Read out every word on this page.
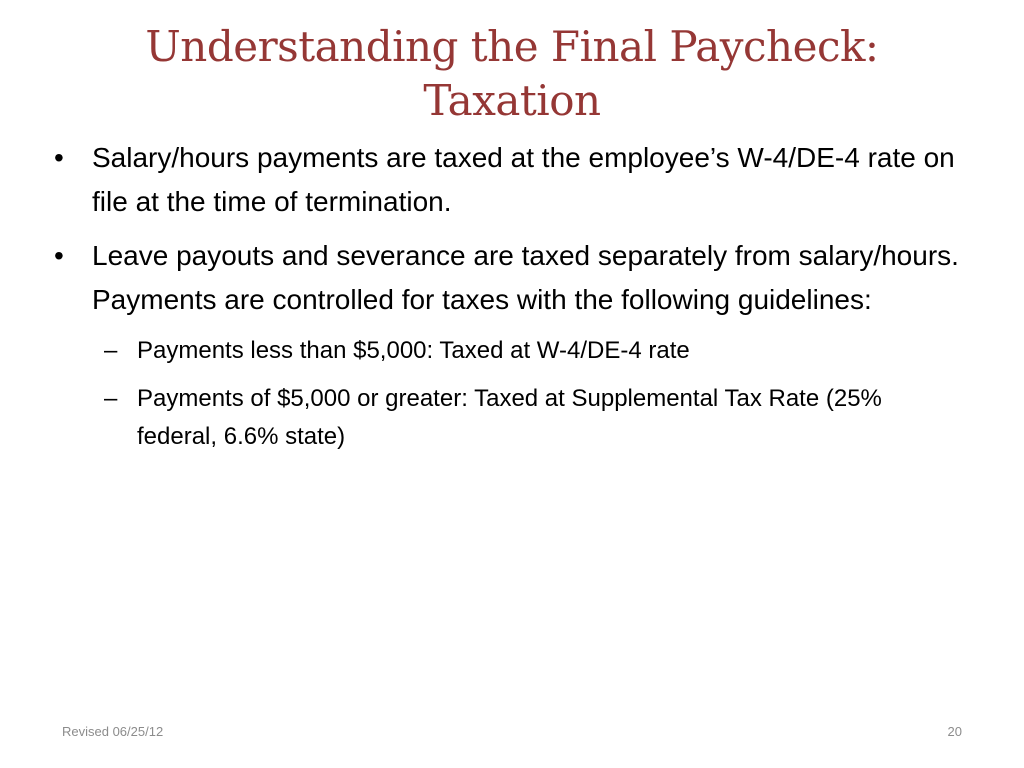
Understanding the Final Paycheck:
Taxation
•	Salary/hours payments are taxed at the employee’s W-4/DE-4 rate on file at the time of termination.
•	Leave payouts and severance are taxed separately from salary/hours. Payments are controlled for taxes with the following guidelines:
– Payments less than $5,000: Taxed at W-4/DE-4 rate
– Payments of $5,000 or greater: Taxed at Supplemental Tax Rate (25% federal, 6.6% state)
Revised 06/25/12	20
